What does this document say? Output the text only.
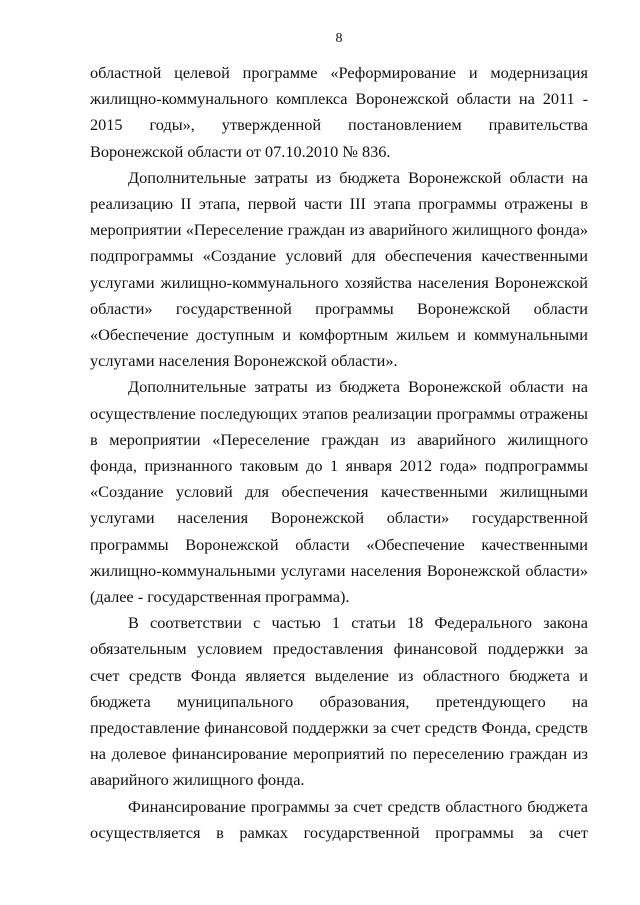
8

областной целевой программе «Реформирование и модернизация жилищно-коммунального комплекса Воронежской области на 2011 - 2015 годы», утвержденной постановлением правительства Воронежской области от 07.10.2010 № 836.

Дополнительные затраты из бюджета Воронежской области на реализацию II этапа, первой части III этапа программы отражены в мероприятии «Переселение граждан из аварийного жилищного фонда» подпрограммы «Создание условий для обеспечения качественными услугами жилищно-коммунального хозяйства населения Воронежской области» государственной программы Воронежской области «Обеспечение доступным и комфортным жильем и коммунальными услугами населения Воронежской области».

Дополнительные затраты из бюджета Воронежской области на осуществление последующих этапов реализации программы отражены в мероприятии «Переселение граждан из аварийного жилищного фонда, признанного таковым до 1 января 2012 года» подпрограммы «Создание условий для обеспечения качественными жилищными услугами населения Воронежской области» государственной программы Воронежской области «Обеспечение качественными жилищно-коммунальными услугами населения Воронежской области» (далее - государственная программа).

В соответствии с частью 1 статьи 18 Федерального закона обязательным условием предоставления финансовой поддержки за счет средств Фонда является выделение из областного бюджета и бюджета муниципального образования, претендующего на предоставление финансовой поддержки за счет средств Фонда, средств на долевое финансирование мероприятий по переселению граждан из аварийного жилищного фонда.

Финансирование программы за счет средств областного бюджета осуществляется в рамках государственной программы за счет
